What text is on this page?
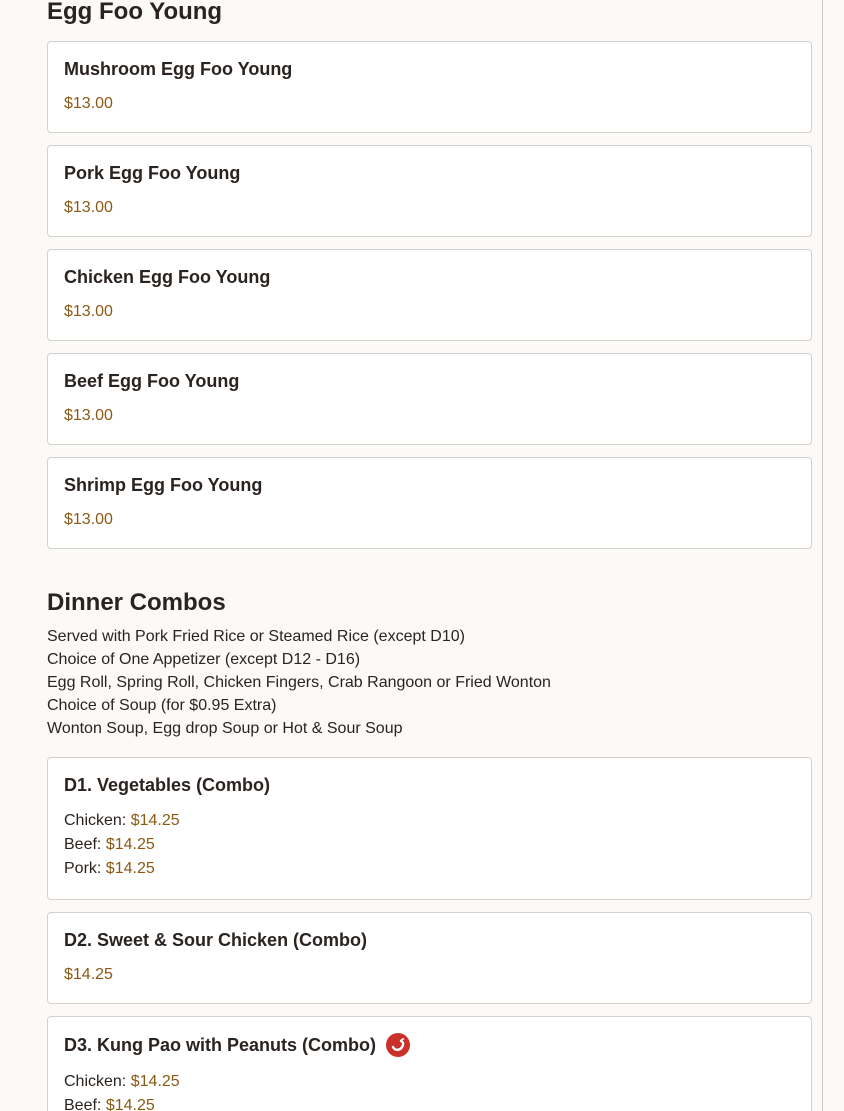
Egg Foo Young
Mushroom Egg Foo Young
$13.00
Pork Egg Foo Young
$13.00
Chicken Egg Foo Young
$13.00
Beef Egg Foo Young
$13.00
Shrimp Egg Foo Young
$13.00
Dinner Combos
Served with Pork Fried Rice or Steamed Rice (except D10)
Choice of One Appetizer (except D12 - D16)
Egg Roll, Spring Roll, Chicken Fingers, Crab Rangoon or Fried Wonton
Choice of Soup (for $0.95 Extra)
Wonton Soup, Egg drop Soup or Hot & Sour Soup
D1. Vegetables (Combo)
Chicken: $14.25
Beef: $14.25
Pork: $14.25
D2. Sweet & Sour Chicken (Combo)
$14.25
D3. Kung Pao with Peanuts (Combo)
Chicken: $14.25
Beef: $14.25
